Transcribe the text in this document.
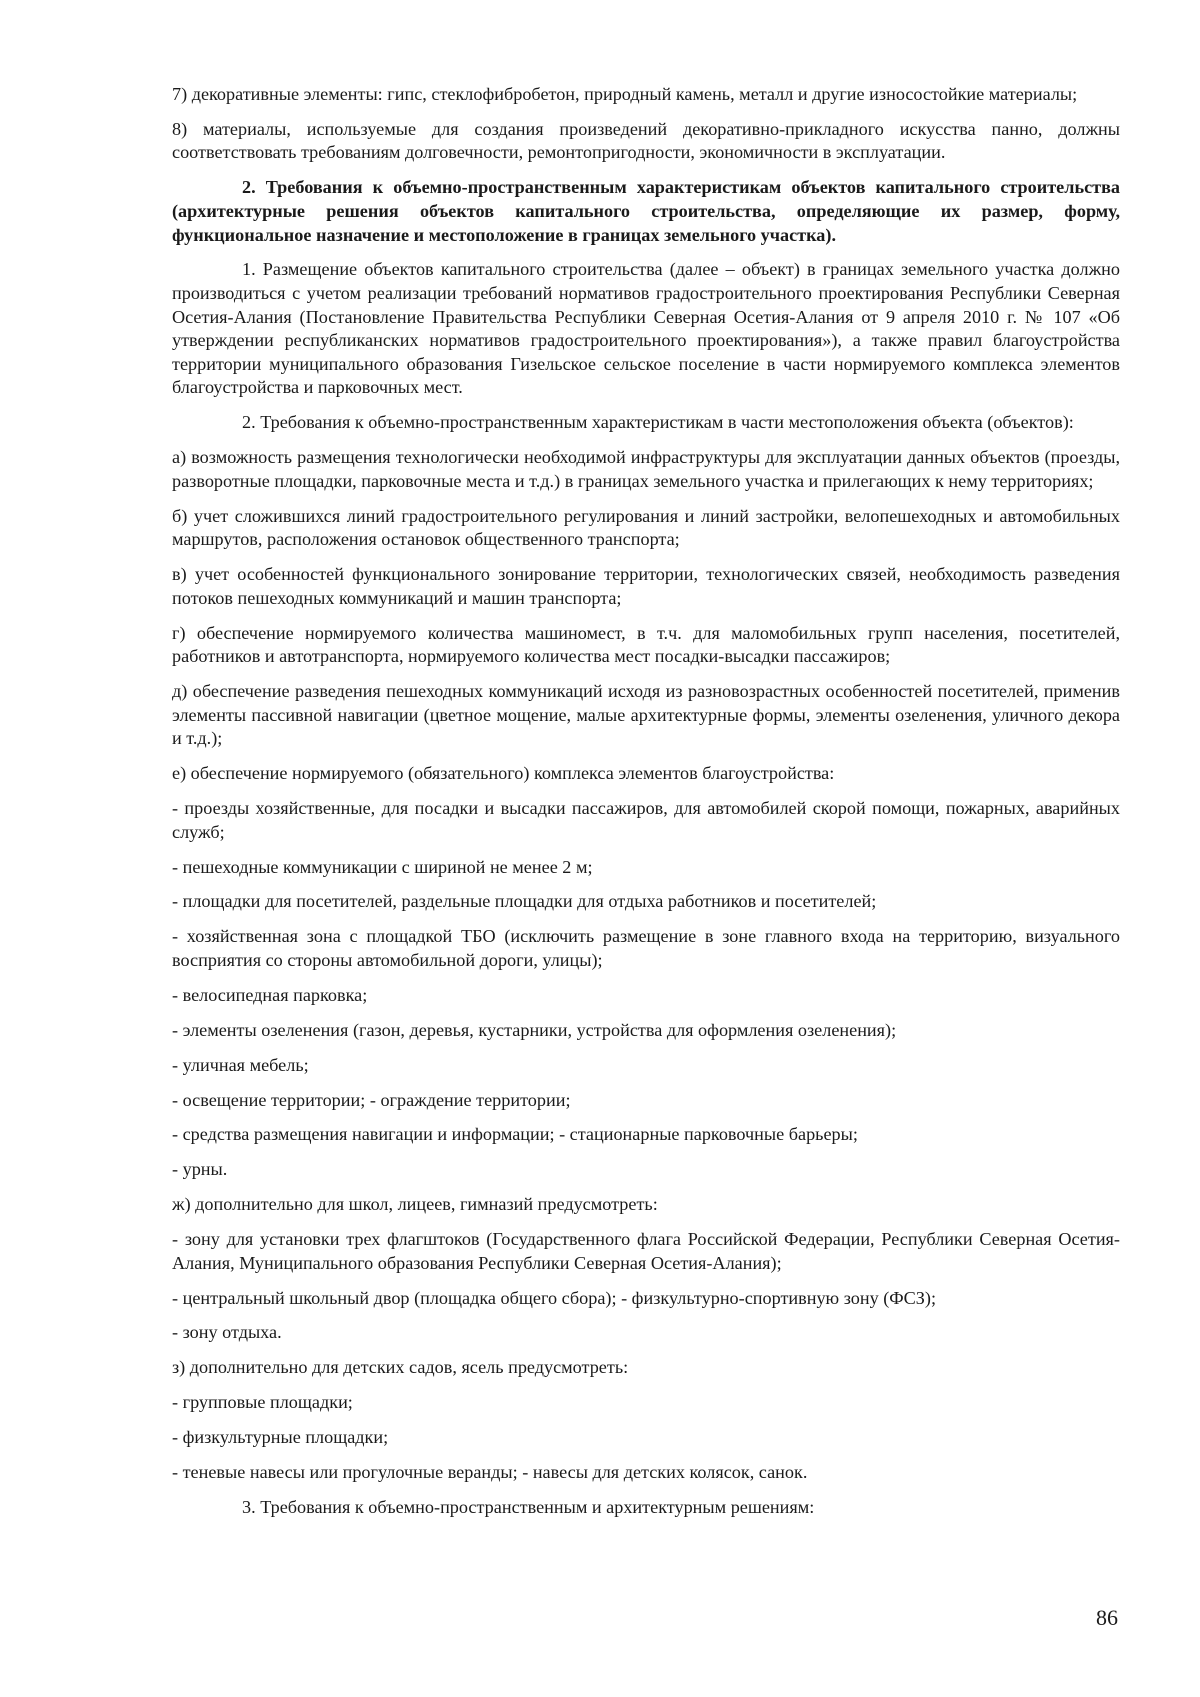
7) декоративные элементы: гипс, стеклофибробетон, природный камень, металл и другие износостойкие материалы;

8) материалы, используемые для создания произведений декоративно-прикладного искусства панно, должны соответствовать требованиям долговечности, ремонтопригодности, экономичности в эксплуатации.

2. Требования к объемно-пространственным характеристикам объектов капитального строительства (архитектурные решения объектов капитального строительства, определяющие их размер, форму, функциональное назначение и местоположение в границах земельного участка).

1. Размещение объектов капитального строительства (далее – объект) в границах земельного участка должно производиться с учетом реализации требований нормативов градостроительного проектирования Республики Северная Осетия-Алания (Постановление Правительства Республики Северная Осетия-Алания от 9 апреля 2010 г. № 107 «Об утверждении республиканских нормативов градостроительного проектирования»), а также правил благоустройства территории муниципального образования Гизельское сельское поселение в части нормируемого комплекса элементов благоустройства и парковочных мест.

2. Требования к объемно-пространственным характеристикам в части местоположения объекта (объектов):

а) возможность размещения технологически необходимой инфраструктуры для эксплуатации данных объектов (проезды, разворотные площадки, парковочные места и т.д.) в границах земельного участка и прилегающих к нему территориях;

б) учет сложившихся линий градостроительного регулирования и линий застройки, велопешеходных и автомобильных маршрутов, расположения остановок общественного транспорта;

в) учет особенностей функционального зонирование территории, технологических связей, необходимость разведения потоков пешеходных коммуникаций и машин транспорта;

г) обеспечение нормируемого количества машиномест, в т.ч. для маломобильных групп населения, посетителей, работников и автотранспорта, нормируемого количества мест посадки-высадки пассажиров;

д) обеспечение разведения пешеходных коммуникаций исходя из разновозрастных особенностей посетителей, применив элементы пассивной навигации (цветное мощение, малые архитектурные формы, элементы озеленения, уличного декора и т.д.);

е) обеспечение нормируемого (обязательного) комплекса элементов благоустройства:

- проезды хозяйственные, для посадки и высадки пассажиров, для автомобилей скорой помощи, пожарных, аварийных служб;

- пешеходные коммуникации с шириной не менее 2 м;

- площадки для посетителей, раздельные площадки для отдыха работников и посетителей;

- хозяйственная зона с площадкой ТБО (исключить размещение в зоне главного входа на территорию, визуального восприятия со стороны автомобильной дороги, улицы);

- велосипедная парковка;

- элементы озеленения (газон, деревья, кустарники, устройства для оформления озеленения);

- уличная мебель;

- освещение территории; - ограждение территории;

- средства размещения навигации и информации; - стационарные парковочные барьеры;

- урны.

ж) дополнительно для школ, лицеев, гимназий предусмотреть:

- зону для установки трех флагштоков (Государственного флага Российской Федерации, Республики Северная Осетия-Алания, Муниципального образования Республики Северная Осетия-Алания);

- центральный школьный двор (площадка общего сбора); - физкультурно-спортивную зону (ФСЗ);

- зону отдыха.

з) дополнительно для детских садов, ясель предусмотреть:

- групповые площадки;

- физкультурные площадки;

- теневые навесы или прогулочные веранды; - навесы для детских колясок, санок.

3. Требования к объемно-пространственным и архитектурным решениям:

86
